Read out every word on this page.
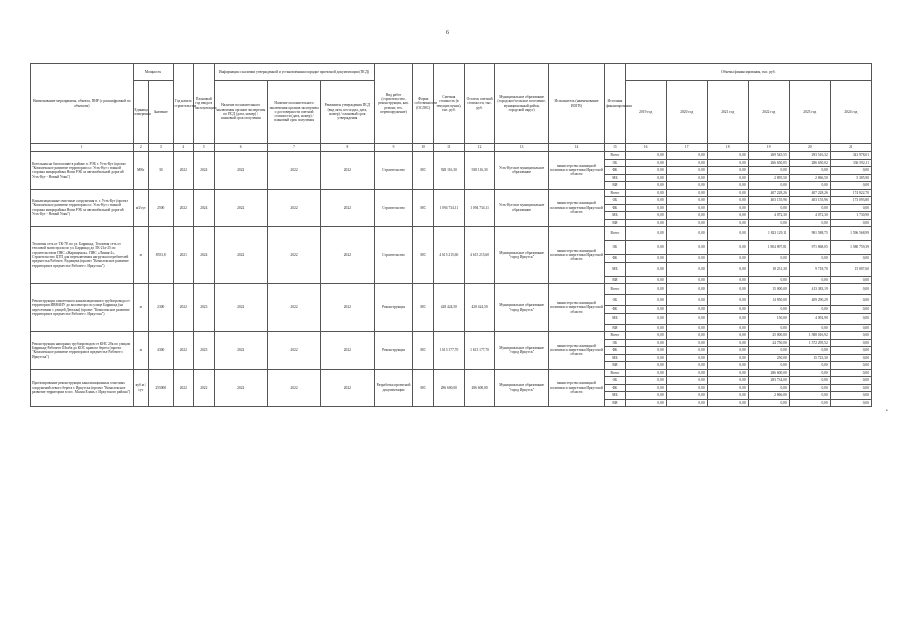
6
•
Наименование мероприятия, объекта, ПИР (с расшифровкой по объектам)	Мощность		Год начала строительства	Плановый год ввода в эксплуатацию	Информация о наличии утвержденной и установленным порядке проектной документации (ПСД)			Вид работ (строительство, реконструкция, кап. ремонт, тех. перевооружение)	Форма собственности (ОС/МС)	Сметная стоимость (в текущих ценах), тыс. руб.	Остаток сметной стоимости, тыс. руб.	Муниципальное образование (городское/сельское поселение, муниципальный район, городской округ)	Исполнитель (наименование ИОГВ)	Источник финансирования	Объемы финансирования, тыс. руб.					
	Единица измерения	Значение			Наличие положительного заключения органов экспертизы по ПСД (дата, номер) / плановый срок получения	Наличие положительного заключения органов экспертизы о достоверности сметной стоимости (дата, номер) / плановый срок получения	Реквизиты утверждения ПСД (вид акта, кто издал, дата, номер) / плановый срок утверждения								2019 год	2020 год	2021 год	2022 год	2023 год	2024 год
1	2	3	4	5	6	7	8	9	10	11	12	13	14	15	16	17	18	19	20	21
Котельная на биотопливе в районе п. РЭБ г. Усть-Кут (проект "Комплексное развитие территории п.г. Усть-Кут с южной стороны микрорайона Нови РЭБ за автомобильной дорогой Усть-Кут - Новый Уоян")	МВт	30	2022	2024	2022	2022	2022	Строительство	МС	928 116,30	928 116,30	Усть-Кутское муниципальное образование	министерство жилищной политики и энергетики Иркутской области	Всего	0,00	0,00	0,00	269 545,55	293 516,32	341 978,01
														ОБ	0,00	0,00	0,00	266 650,05	286 650,02	336 592,11
														ФБ	0,00	0,00	0,00	0,00	0,00	0,00
														МБ	0,00	0,00	0,00	2 895,50	2 866,50	5 385,90
														ВИ	0,00	0,00	0,00	0,00	0,00	0,00
Канализационные очистные сооружения п. г. Усть-Кут (проект "Комплексное развитие территории п.г. Усть-Кут с южной стороны микрорайона Нови РЭБ за автомобильной дорогой Усть-Кут - Новый Уоян")	м3/сут	2500	2022	2024	2022	2022	2022	Строительство	МС	1 094 734,11	1 094 734,11	Усть-Кутское муниципальное образование	министерство жилищной политики и энергетики Иркутской области	Всего	0,00	0,00	0,00	407 228,26	407 228,26	174 822,70
														ОБ	0,00	0,00	0,00	403 155,96	403 155,96	173 093,80
														ФБ	0,00	0,00	0,00	0,00	0,00	0,00
														МБ	0,00	0,00	0,00	4 072,30	4 072,30	1 730,90
														ВИ	0,00	0,00	0,00	0,00	0,00	0,00
Тепловая сеть от ТК-7Е по ул. Баррикад. Тепловая сеть от тепловой магистрали по ул. Баррикад до ТК-21а-25 по строительством ПНС «Жарищенок». ПНС «Линия-2», Строительство ЦТП для переключения нагрузки потребителей предместья Рабочее, Радищева (проект "Комплексное развитие территории в предместье Рабочее г. Иркутска")	м	8553,8	2021	2024	2022	2022	2022	Строительство	МС	4 615 215,60	4 615 215,60	Муниципальное образование "город Иркутск"	министерство жилищной политики и энергетики Иркутской области	Всего	0,00	0,00	0,00	1 823 129,11	981 588,75	1 596 568,99
														ОБ	0,00	0,00	0,00	1 804 897,81	971 868,05	1 580 759,39
														ФБ	0,00	0,00	0,00	0,00	0,00	0,00
														МБ	0,00	0,00	0,00	18 231,30	9 718,70	15 807,60
														ВИ	0,00	0,00	0,00	0,00	0,00	0,00
Реконструкция самотечного канализационного трубопровода от территории ИВВАИУ до коллектора по улице Баррикад (на пересечении с улицей Депская) (проект "Комплексное развитие территории в предместье Рабочее г. Иркутска")	м	2300	2022	2023	2022	2022	2022	Реконструкция	МС	428 424,50	428 424,50	Муниципальное образование "город Иркутск"	министерство жилищной политики и энергетики Иркутской области	Всего	0,00	0,00	0,00	15 000,00	413 383,19	0,00
														ОБ	0,00	0,00	0,00	14 850,00	409 290,29	0,00
														ФБ	0,00	0,00	0,00	0,00	0,00	0,00
														МБ	0,00	0,00	0,00	150,00	4 092,90	0,00
														ВИ	0,00	0,00	0,00	0,00	0,00	0,00
Реконструкция напорных трубопроводов от КНС 20к по улицам Баррикад-Рабочего Штаба до КОС правого берега (проект "Комплексное развитие территории в предместье Рабочее г. Иркутска")	м	4300	2022	2023	2022	2022	2022	Реконструкция	МС	1 613 177,70	1 613 177,70	Муниципальное образование "город Иркутск"	министерство жилищной политики и энергетики Иркутской области	Всего	0,00	0,00	0,00	25 000,00	1 588 016,92	0,00
														ОБ	0,00	0,00	0,00	24 750,00	1 572 295,52	0,00
														ФБ	0,00	0,00	0,00	0,00	0,00	0,00
														МБ	0,00	0,00	0,00	250,00	15 723,30	0,00
														ВИ	0,00	0,00	0,00	0,00	0,00	0,00
Проектирование реконструкции канализационных очистных сооружений левого берега г. Иркутска (проект "Комплексное развитие территории в пос. Малая Елань г. Иркутского района")	куб.м./сут	255000	2022	2022	2022	2022	2022	Разработка проектной документации	МС	286 600,00	286 600,00	Муниципальное образование "город Иркутск"	министерство жилищной политики и энергетики Иркутской области	Всего	0,00	0,00	0,00	286 600,00	0,00	0,00
														ОБ	0,00	0,00	0,00	283 734,00	0,00	0,00
														ФБ	0,00	0,00	0,00	0,00	0,00	0,00
														МБ	0,00	0,00	0,00	2 866,00	0,00	0,00
														ВИ	0,00	0,00	0,00	0,00	0,00	0,00
